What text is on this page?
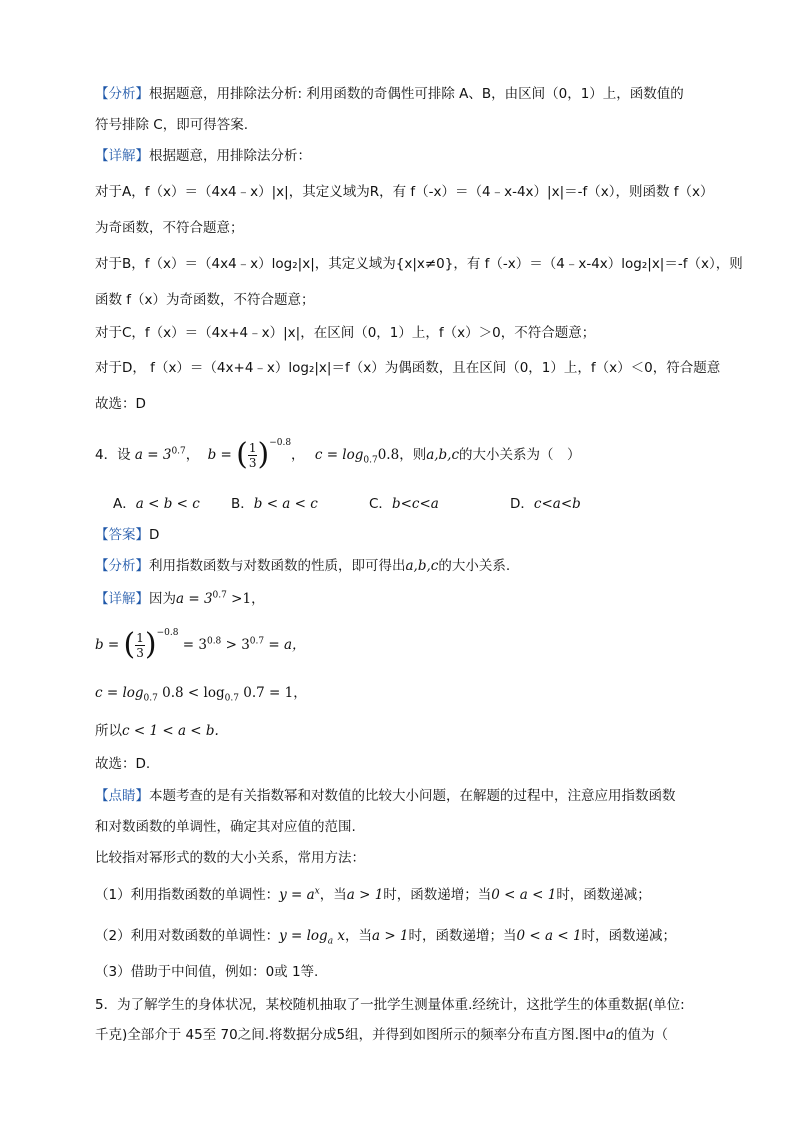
【分析】根据题意，用排除法分析: 利用函数的奇偶性可排除 A、B，由区间（0，1）上，函数值的
符号排除 C，即可得答案.
【详解】根据题意，用排除法分析：
对于A，f（x）＝（4x4﹣x）|x|，其定义域为R，有 f（-x）＝（4﹣x-4x）|x|＝-f（x），则函数 f（x）
为奇函数，不符合题意；
对于B，f（x）＝（4x4﹣x）log₂|x|，其定义域为{x|x≠0}，有 f（-x）＝（4﹣x-4x）log₂|x|＝-f（x），则
函数 f（x）为奇函数，不符合题意；
对于C，f（x）＝（4x+4﹣x）|x|，在区间（0，1）上，f（x）＞0，不符合题意；
对于D， f（x）＝（4x+4﹣x）log₂|x|＝f（x）为偶函数，且在区间（0，1）上，f（x）＜0，符合题意
故选：D
4．设 $a = 3^{0.7}$， b = ( $\frac{1}{3} )^{-0.8}$， $c = \log_{0.7}0.8$，则a,b,c的大小关系为（　）
A．a < b < c B．b < a < c	C．b<c<a	D．c<a<b
【答案】D
【分析】利用指数函数与对数函数的性质，即可得出a,b,c的大小关系.
【详解】因为$a = 3^{0.7} >1$，
b = ( $\frac{1}{3} )^{-0.8} = 3^{0.8} > 3^{0.7} = a$，
$c = \log_{0.7} 0.8 < \log_{0.7} 0.7 = 1$，
所以c < 1 < a < b.
故选：D.
【点睛】本题考查的是有关指数幂和对数值的比较大小问题，在解题的过程中，注意应用指数函数
和对数函数的单调性，确定其对应值的范围.
比较指对幂形式的数的大小关系，常用方法：
（1）利用指数函数的单调性：$y = a^x$，当a > 1时，函数递增；当0 < a < 1时，函数递减；
（2）利用对数函数的单调性：$y = \log_a x$，当a > 1时，函数递增；当0 < a < 1时，函数递减；
（3）借助于中间值，例如：0或 1等.
5．为了解学生的身体状况，某校随机抽取了一批学生测量体重.经统计，这批学生的体重数据(单位:
千克)全部介于 45至 70之间.将数据分成5组，并得到如图所示的频率分布直方图.图中a的值为（
